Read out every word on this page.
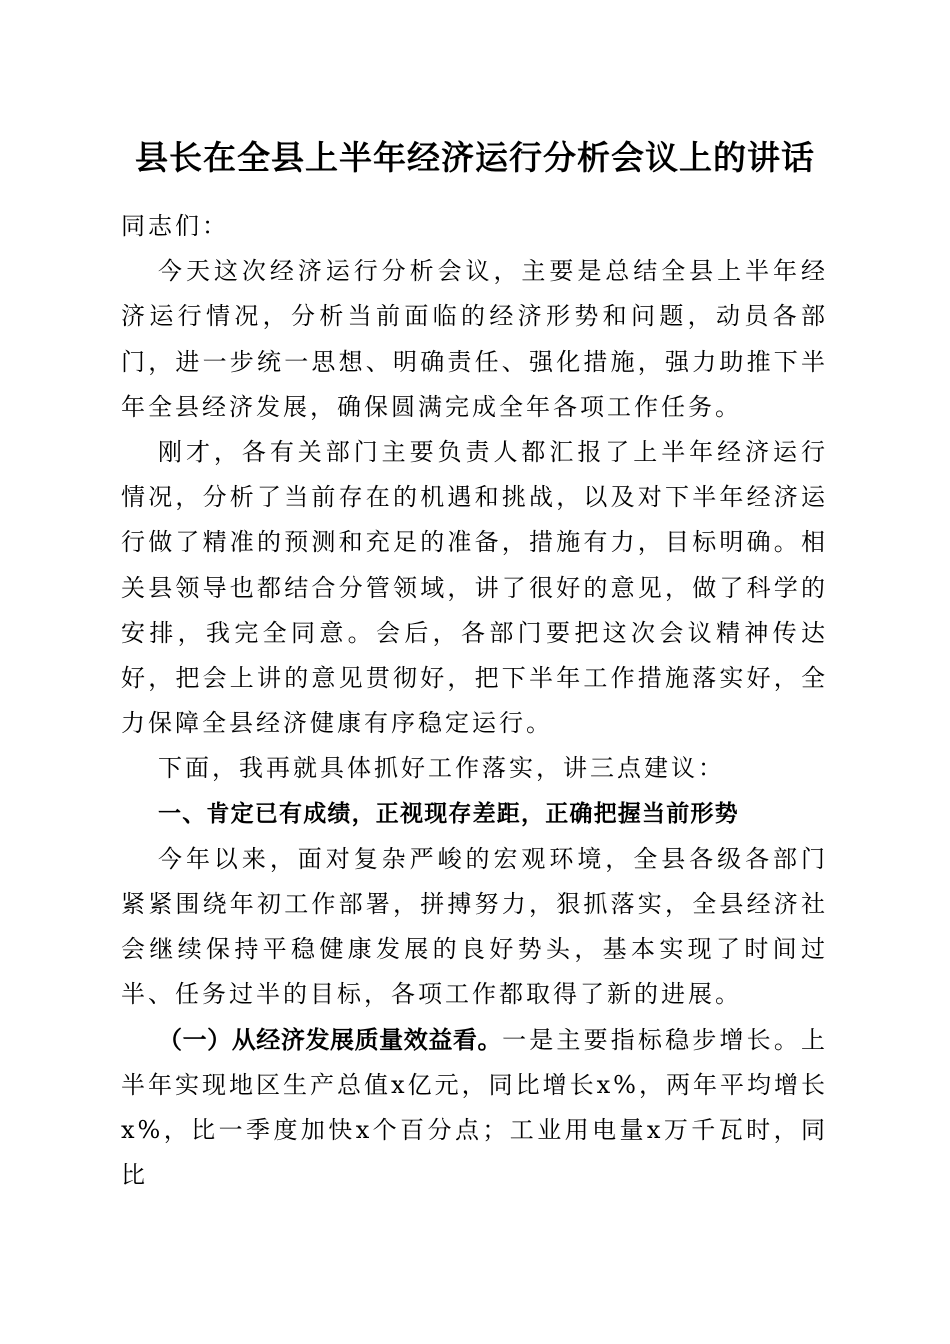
县长在全县上半年经济运行分析会议上的讲话

同志们：

今天这次经济运行分析会议，主要是总结全县上半年经济运行情况，分析当前面临的经济形势和问题，动员各部门，进一步统一思想、明确责任、强化措施，强力助推下半年全县经济发展，确保圆满完成全年各项工作任务。

刚才，各有关部门主要负责人都汇报了上半年经济运行情况，分析了当前存在的机遇和挑战，以及对下半年经济运行做了精准的预测和充足的准备，措施有力，目标明确。相关县领导也都结合分管领域，讲了很好的意见，做了科学的安排，我完全同意。会后，各部门要把这次会议精神传达好，把会上讲的意见贯彻好，把下半年工作措施落实好，全力保障全县经济健康有序稳定运行。

下面，我再就具体抓好工作落实，讲三点建议：

一、肯定已有成绩，正视现存差距，正确把握当前形势

今年以来，面对复杂严峻的宏观环境，全县各级各部门紧紧围绕年初工作部署，拼搏努力，狠抓落实，全县经济社会继续保持平稳健康发展的良好势头，基本实现了时间过半、任务过半的目标，各项工作都取得了新的进展。

（一）从经济发展质量效益看。一是主要指标稳步增长。上半年实现地区生产总值x亿元，同比增长x%，两年平均增长x%，比一季度加快x个百分点；工业用电量x万千瓦时，同比
